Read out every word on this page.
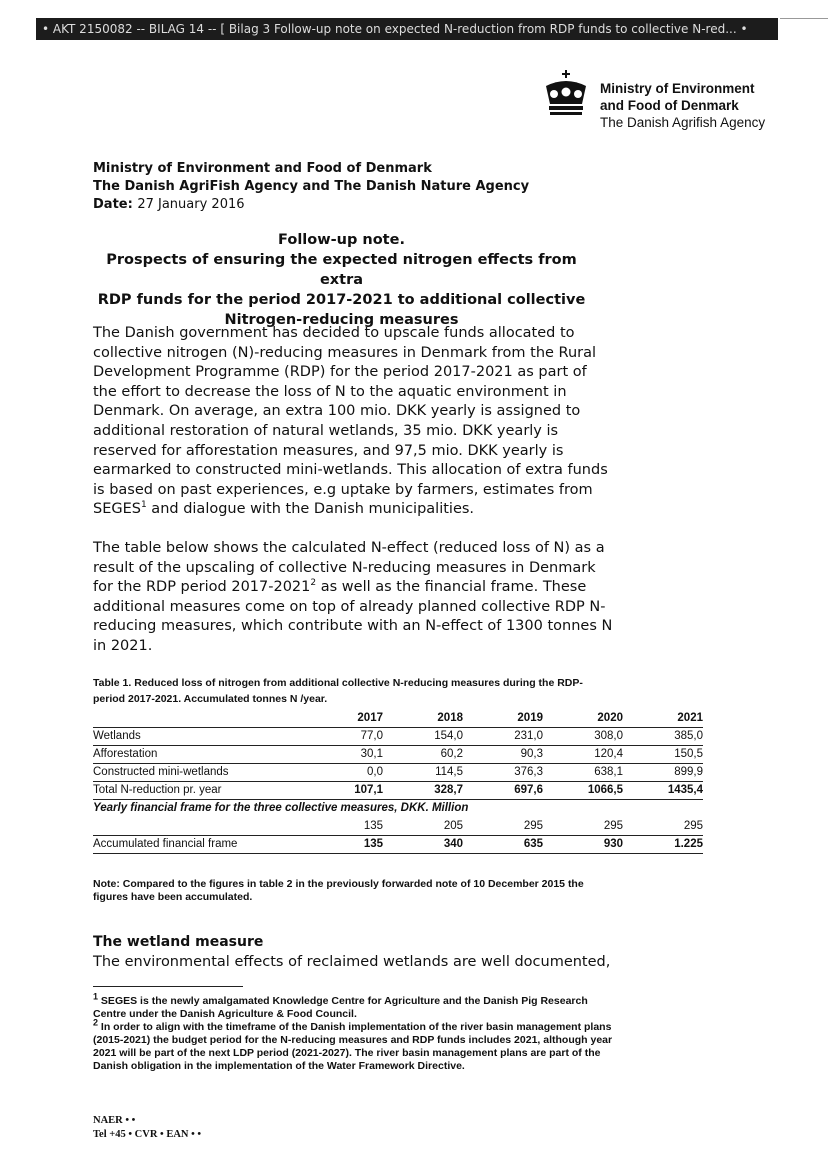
• AKT 2150082 -- BILAG 14 -- [ Bilag 3 Follow-up note on expected N-reduction from RDP funds to collective N-red... •
Ministry of Environment
and Food of Denmark
The Danish Agrifish Agency
Ministry of Environment and Food of Denmark
The Danish AgriFish Agency and The Danish Nature Agency
Date: 27 January 2016
Follow-up note.
Prospects of ensuring the expected nitrogen effects from extra
RDP funds for the period 2017-2021 to additional collective
Nitrogen-reducing measures

The Danish government has decided to upscale funds allocated to collective nitrogen (N)-reducing measures in Denmark from the Rural Development Programme (RDP) for the period 2017-2021 as part of the effort to decrease the loss of N to the aquatic environment in Denmark. On average, an extra 100 mio. DKK yearly is assigned to additional restoration of natural wetlands, 35 mio. DKK yearly is reserved for afforestation measures, and 97,5 mio. DKK yearly is earmarked to constructed mini-wetlands. This allocation of extra funds is based on past experiences, e.g uptake by farmers, estimates from SEGES$^1$ and dialogue with the Danish municipalities.

The table below shows the calculated N-effect (reduced loss of N) as a result of the upscaling of collective N-reducing measures in Denmark for the RDP period 2017-2021$^2$ as well as the financial frame. These additional measures come on top of already planned collective RDP N-reducing measures, which contribute with an N-effect of 1300 tonnes N in 2021.

Table 1. Reduced loss of nitrogen from additional collective N-reducing measures during the RDP-period 2017-2021. Accumulated tonnes N /year.
	2017	2018	2019	2020	2021
Wetlands	77,0	154,0	231,0	308,0	385,0
Afforestation	30,1	60,2	90,3	120,4	150,5
Constructed mini-wetlands	0,0	114,5	376,3	638,1	899,9
Total N-reduction pr. year	107,1	328,7	697,6	1066,5	1435,4
Yearly financial frame for the three collective measures, DKK. Million					
	135	205	295	295	295
Accumulated financial frame	135	340	635	930	1.225
Note: Compared to the figures in table 2 in the previously forwarded note of 10 December 2015 the figures have been accumulated.
The wetland measure
The environmental effects of reclaimed wetlands are well documented,

$^1$ SEGES is the newly amalgamated Knowledge Centre for Agriculture and the Danish Pig Research Centre under the Danish Agriculture & Food Council.

$^2$ In order to align with the timeframe of the Danish implementation of the river basin management plans (2015-2021) the budget period for the N-reducing measures and RDP funds includes 2021, although year 2021 will be part of the next LDP period (2021-2027). The river basin management plans are part of the Danish obligation in the implementation of the Water Framework Directive.

NAER • •
Tel +45 • CVR • EAN • •
